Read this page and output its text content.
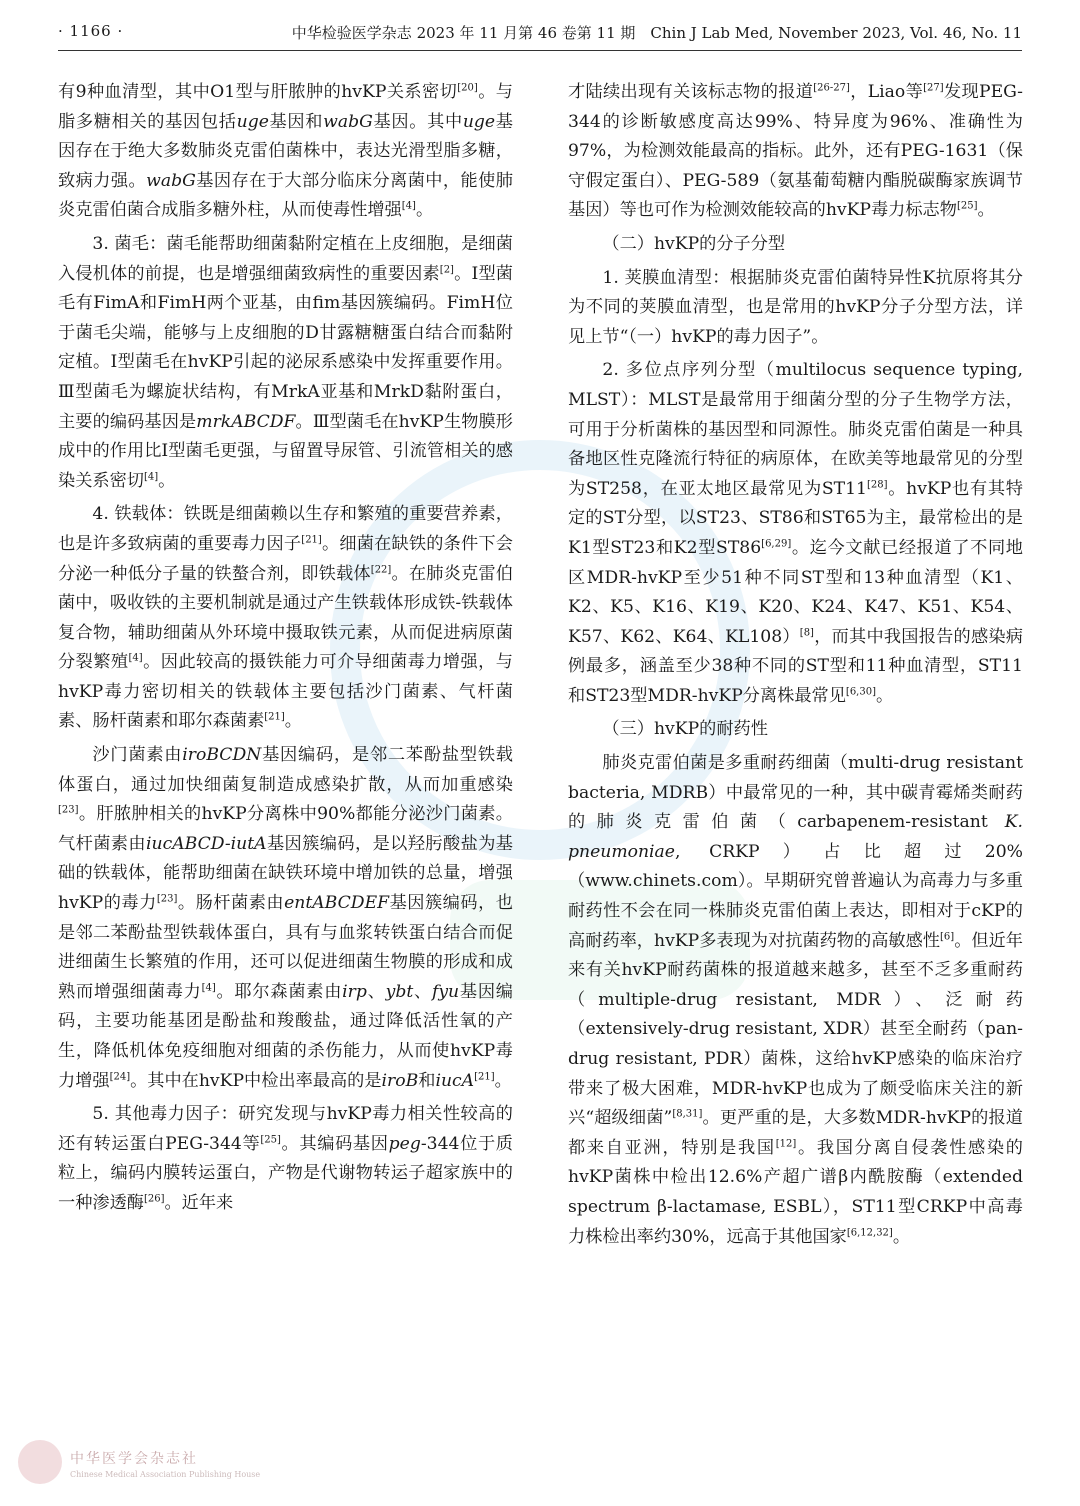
· 1166 ·	中华检验医学杂志 2023 年 11 月第 46 卷第 11 期　Chin J Lab Med, November 2023, Vol. 46, No. 11

有9种血清型，其中O1型与肝脓肿的hvKP关系密切[20]。与脂多糖相关的基因包括uge基因和wabG基因。其中uge基因存在于绝大多数肺炎克雷伯菌株中，表达光滑型脂多糖，致病力强。wabG基因存在于大部分临床分离菌中，能使肺炎克雷伯菌合成脂多糖外柱，从而使毒性增强[4]。

3. 菌毛：菌毛能帮助细菌黏附定植在上皮细胞，是细菌入侵机体的前提，也是增强细菌致病性的重要因素[2]。Ⅰ型菌毛有FimA和FimH两个亚基，由fim基因簇编码。FimH位于菌毛尖端，能够与上皮细胞的D甘露糖糖蛋白结合而黏附定植。Ⅰ型菌毛在hvKP引起的泌尿系感染中发挥重要作用。Ⅲ型菌毛为螺旋状结构，有MrkA亚基和MrkD黏附蛋白，主要的编码基因是mrkABCDF。Ⅲ型菌毛在hvKP生物膜形成中的作用比Ⅰ型菌毛更强，与留置导尿管、引流管相关的感染关系密切[4]。

4. 铁载体：铁既是细菌赖以生存和繁殖的重要营养素，也是许多致病菌的重要毒力因子[21]。细菌在缺铁的条件下会分泌一种低分子量的铁螯合剂，即铁载体[22]。在肺炎克雷伯菌中，吸收铁的主要机制就是通过产生铁载体形成铁-铁载体复合物，辅助细菌从外环境中摄取铁元素，从而促进病原菌分裂繁殖[4]。因此较高的摄铁能力可介导细菌毒力增强，与hvKP毒力密切相关的铁载体主要包括沙门菌素、气杆菌素、肠杆菌素和耶尔森菌素[21]。

沙门菌素由iroBCDN基因编码，是邻二苯酚盐型铁载体蛋白，通过加快细菌复制造成感染扩散，从而加重感染[23]。肝脓肿相关的hvKP分离株中90%都能分泌沙门菌素。气杆菌素由iucABCD-iutA基因簇编码，是以羟肟酸盐为基础的铁载体，能帮助细菌在缺铁环境中增加铁的总量，增强hvKP的毒力[23]。肠杆菌素由entABCDEF基因簇编码，也是邻二苯酚盐型铁载体蛋白，具有与血浆转铁蛋白结合而促进细菌生长繁殖的作用，还可以促进细菌生物膜的形成和成熟而增强细菌毒力[4]。耶尔森菌素由irp、ybt、fyu基因编码，主要功能基团是酚盐和羧酸盐，通过降低活性氧的产生，降低机体免疫细胞对细菌的杀伤能力，从而使hvKP毒力增强[24]。其中在hvKP中检出率最高的是iroB和iucA[21]。

5. 其他毒力因子：研究发现与hvKP毒力相关性较高的还有转运蛋白PEG-344等[25]。其编码基因peg-344位于质粒上，编码内膜转运蛋白，产物是代谢物转运子超家族中的一种渗透酶[26]。近年来

才陆续出现有关该标志物的报道[26-27]，Liao等[27]发现PEG-344的诊断敏感度高达99%、特异度为96%、准确性为97%，为检测效能最高的指标。此外，还有PEG-1631（保守假定蛋白）、PEG-589（氨基葡萄糖内酯脱碳酶家族调节基因）等也可作为检测效能较高的hvKP毒力标志物[25]。

（二）hvKP的分子分型

1. 荚膜血清型：根据肺炎克雷伯菌特异性K抗原将其分为不同的荚膜血清型，也是常用的hvKP分子分型方法，详见上节“（一）hvKP的毒力因子”。

2. 多位点序列分型（multilocus sequence typing, MLST）：MLST是最常用于细菌分型的分子生物学方法，可用于分析菌株的基因型和同源性。肺炎克雷伯菌是一种具备地区性克隆流行特征的病原体，在欧美等地最常见的分型为ST258，在亚太地区最常见为ST11[28]。hvKP也有其特定的ST分型，以ST23、ST86和ST65为主，最常检出的是K1型ST23和K2型ST86[6,29]。迄今文献已经报道了不同地区MDR-hvKP至少51种不同ST型和13种血清型（K1、K2、K5、K16、K19、K20、K24、K47、K51、K54、K57、K62、K64、KL108）[8]，而其中我国报告的感染病例最多，涵盖至少38种不同的ST型和11种血清型，ST11和ST23型MDR-hvKP分离株最常见[6,30]。

（三）hvKP的耐药性

肺炎克雷伯菌是多重耐药细菌（multi-drug resistant bacteria, MDRB）中最常见的一种，其中碳青霉烯类耐药的肺炎克雷伯菌（carbapenem-resistant K. pneumoniae, CRKP）占比超过20%（www.chinets.com）。早期研究曾普遍认为高毒力与多重耐药性不会在同一株肺炎克雷伯菌上表达，即相对于cKP的高耐药率，hvKP多表现为对抗菌药物的高敏感性[6]。但近年来有关hvKP耐药菌株的报道越来越多，甚至不乏多重耐药（multiple-drug resistant, MDR）、泛耐药（extensively-drug resistant, XDR）甚至全耐药（pan-drug resistant, PDR）菌株，这给hvKP感染的临床治疗带来了极大困难，MDR-hvKP也成为了颇受临床关注的新兴“超级细菌”[8,31]。更严重的是，大多数MDR-hvKP的报道都来自亚洲，特别是我国[12]。我国分离自侵袭性感染的hvKP菌株中检出12.6%产超广谱β内酰胺酶（extended spectrum β-lactamase, ESBL），ST11型CRKP中高毒力株检出率约30%，远高于其他国家[6,12,32]。

中华医学会杂志社
Chinese Medical Association Publishing House
